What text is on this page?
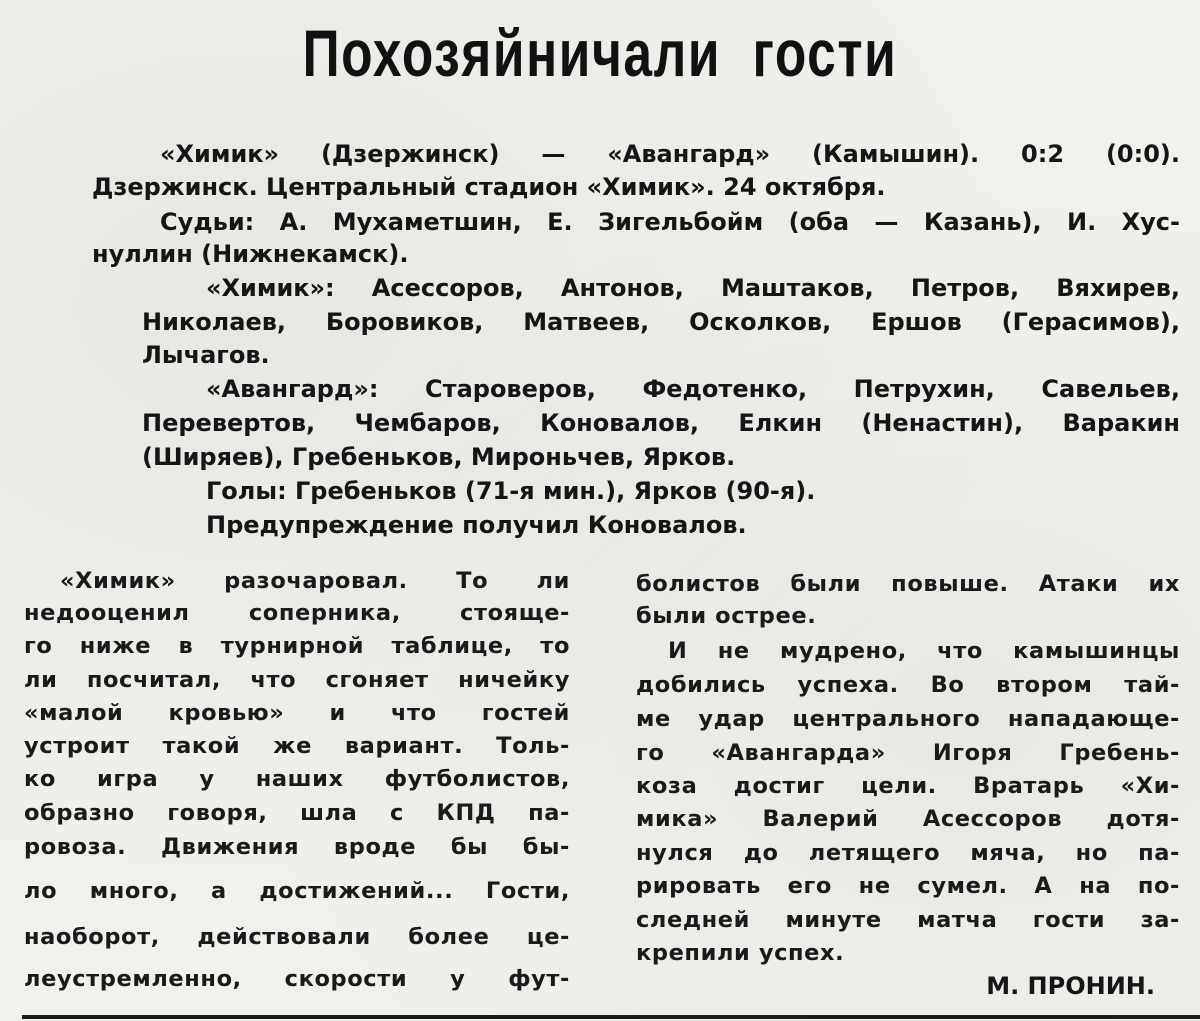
Похозяйничали гости
«Химик» (Дзержинск) — «Авангард» (Камышин). 0:2 (0:0).
Дзержинск. Центральный стадион «Химик». 24 октября.
Судьи: А. Мухаметшин, Е. Зигельбойм (оба — Казань), И. Хус-
нуллин (Нижнекамск).
«Химик»: Асессоров, Антонов, Маштаков, Петров, Вяхирев,
Николаев, Боровиков, Матвеев, Осколков, Ершов (Герасимов),
Лычагов.
«Авангард»: Староверов, Федотенко, Петрухин, Савельев,
Перевертов, Чембаров, Коновалов, Елкин (Ненастин), Варакин
(Ширяев), Гребеньков, Мироньчев, Ярков.
Голы: Гребеньков (71-я мин.), Ярков (90-я).
Предупреждение получил Коновалов.
«Химик» разочаровал. То ли
недооценил соперника, стояще-
го ниже в турнирной таблице, то
ли посчитал, что сгоняет ничейку
«малой кровью» и что гостей
устроит такой же вариант. Толь-
ко игра у наших футболистов,
образно говоря, шла с КПД па-
ровоза. Движения вроде бы бы-
ло много, а достижений... Гости,
наоборот, действовали более це-
леустремленно, скорости у фут-
болистов были повыше. Атаки их
были острее.
И не мудрено, что камышинцы
добились успеха. Во втором тай-
ме удар центрального нападающе-
го «Авангарда» Игоря Гребень-
коза достиг цели. Вратарь «Хи-
мика» Валерий Асессоров дотя-
нулся до летящего мяча, но па-
рировать его не сумел. А на по-
следней минуте матча гости за-
крепили успех.
М. ПРОНИН.
